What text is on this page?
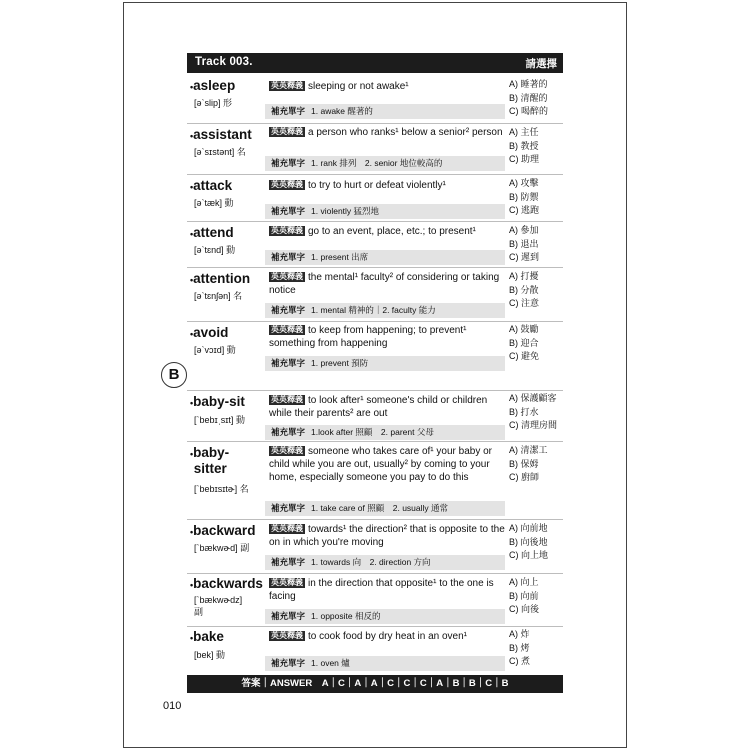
Track 003.	請選擇
•asleep
[əˋslip] 形
英英釋義 sleeping or not awake¹
補充單字 1. awake 醒著的
A) 睡著的
B) 清醒的
C) 喝醉的
•assistant
[əˋsɪstənt] 名
英英釋義 a person who ranks¹ below a senior² person
補充單字 1. rank 排列　2. senior 地位較高的
A) 主任
B) 教授
C) 助理
•attack
[əˋtæk] 動
英英釋義 to try to hurt or defeat violently¹
補充單字 1. violently 猛烈地
A) 攻擊
B) 防禦
C) 逃跑
•attend
[əˋtɛnd] 動
英英釋義 go to an event, place, etc.; to present¹
補充單字 1. present 出席
A) 參加
B) 退出
C) 遲到
•attention
[əˋtɛnʃən] 名
英英釋義 the mental¹ faculty² of considering or taking notice
補充單字 1. mental 精神的｜2. faculty 能力
A) 打擾
B) 分散
C) 注意
•avoid
[əˋvɔɪd] 動
英英釋義 to keep from happening; to prevent¹ something from happening
補充單字 1. prevent 預防
A) 鼓勵
B) 迎合
C) 避免
B
•baby-sit
[ˋbebɪˌsɪt] 動
英英釋義 to look after¹ someone's child or children while their parents² are out
補充單字 1.look after 照顧　2. parent 父母
A) 保護顧客
B) 打水
C) 清理房間
•baby-
sitter
[ˋbebɪsɪtɚ] 名
英英釋義 someone who takes care of¹ your baby or child while you are out, usually² by coming to your home, especially someone you pay to do this
補充單字 1. take care of 照顧　2. usually 通常
A) 清潔工
B) 保姆
C) 廚師
•backward
[ˋbækwɚd] 副
英英釋義 towards¹ the direction² that is opposite to the on in which you're moving
補充單字 1. towards 向　2. direction 方向
A) 向前地
B) 向後地
C) 向上地
•backwards
[ˋbækwɚdz]
副
英英釋義 in the direction that opposite¹ to the one is facing
補充單字 1. opposite 相反的
A) 向上
B) 向前
C) 向後
•bake
[bek] 動
英英釋義 to cook food by dry heat in an oven¹
補充單字 1. oven 爐
A) 炸
B) 烤
C) 煮
答案｜ANSWER　A｜C｜A｜A｜C｜C｜C｜A｜B｜B｜C｜B
010
